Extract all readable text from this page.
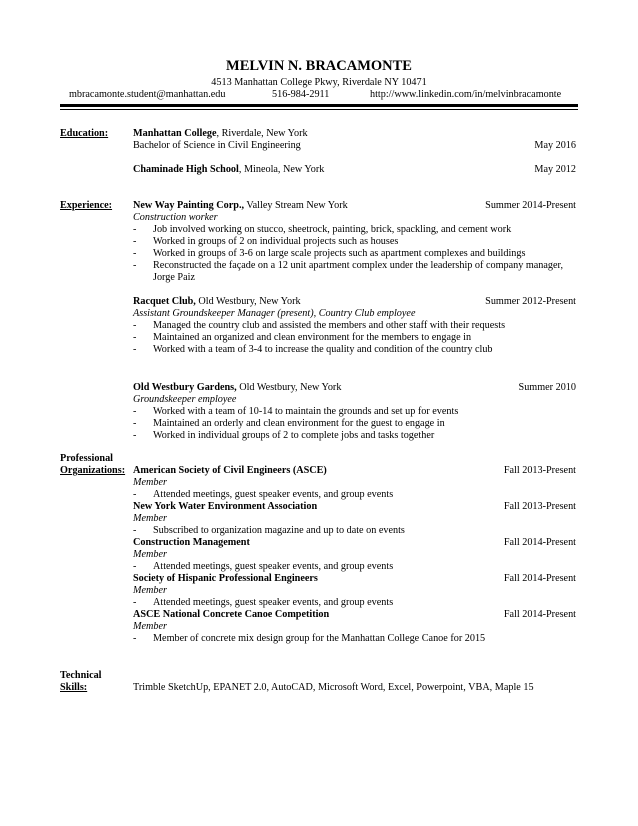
MELVIN N. BRACAMONTE
4513 Manhattan College Pkwy, Riverdale NY 10471
mbracamonte.student@manhattan.edu	516-984-2911	http://www.linkedin.com/in/melvinbracamonte
Education: Manhattan College, Riverdale, New York
Bachelor of Science in Civil Engineering	May 2016
Chaminade High School, Mineola, New York	May 2012
Experience: New Way Painting Corp., Valley Stream New York	Summer 2014-Present
Construction worker
- Job involved working on stucco, sheetrock, painting, brick, spackling, and cement work
- Worked in groups of 2 on individual projects such as houses
- Worked in groups of 3-6 on large scale projects such as apartment complexes and buildings
- Reconstructed the façade on a 12 unit apartment complex under the leadership of company manager,
Jorge Paiz
Racquet Club, Old Westbury, New York	Summer 2012-Present
Assistant Groundskeeper Manager (present), Country Club employee
- Managed the country club and assisted the members and other staff with their requests
- Maintained an organized and clean environment for the members to engage in
- Worked with a team of 3-4 to increase the quality and condition of the country club
Old Westbury Gardens, Old Westbury, New York	Summer 2010
Groundskeeper employee
- Worked with a team of 10-14 to maintain the grounds and set up for events
- Maintained an orderly and clean environment for the guest to engage in
- Worked in individual groups of 2 to complete jobs and tasks together
Professional
Organizations: American Society of Civil Engineers (ASCE)	Fall 2013-Present
Member
- Attended meetings, guest speaker events, and group events
New York Water Environment Association	Fall 2013-Present
Member
- Subscribed to organization magazine and up to date on events
Construction Management	Fall 2014-Present
Member
- Attended meetings, guest speaker events, and group events
Society of Hispanic Professional Engineers	Fall 2014-Present
Member
- Attended meetings, guest speaker events, and group events
ASCE National Concrete Canoe Competition	Fall 2014-Present
Member
- Member of concrete mix design group for the Manhattan College Canoe for 2015
Technical
Skills:	Trimble SketchUp, EPANET 2.0, AutoCAD, Microsoft Word, Excel, Powerpoint, VBA, Maple 15
